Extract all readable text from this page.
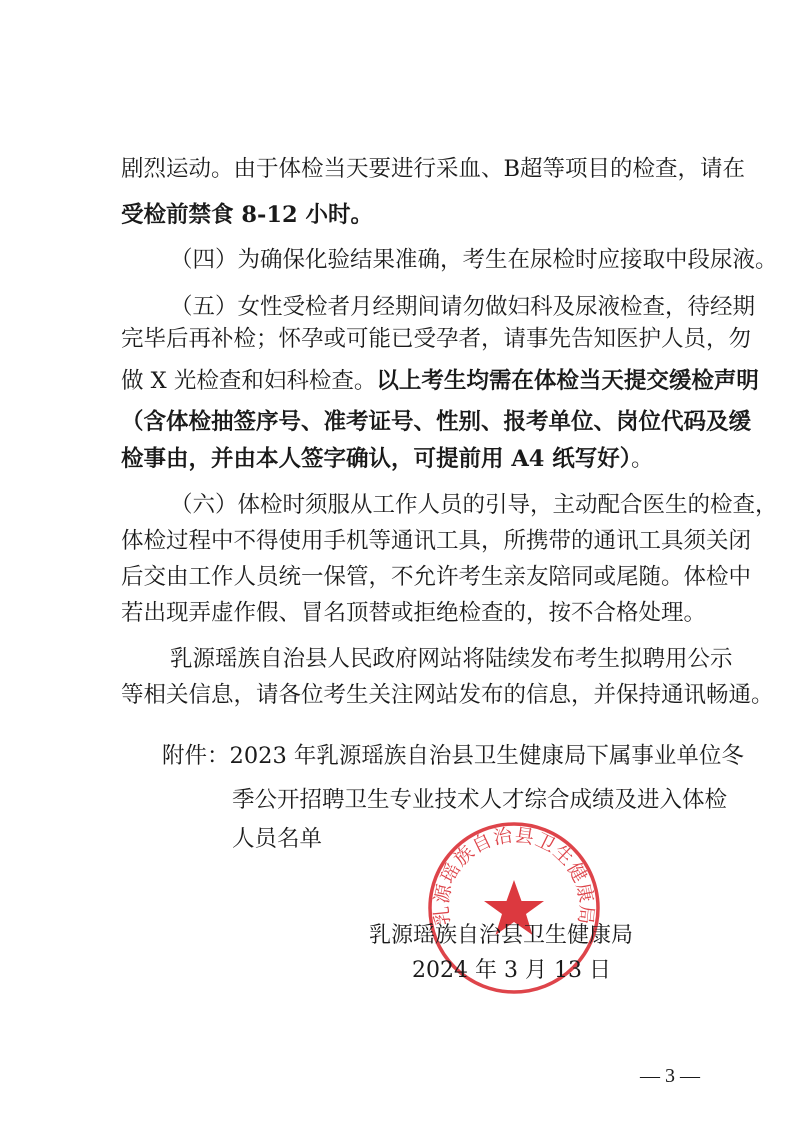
剧烈运动。由于体检当天要进行采血、B超等项目的检查，请在
受检前禁食 8-12 小时。
（四）为确保化验结果准确，考生在尿检时应接取中段尿液。
（五）女性受检者月经期间请勿做妇科及尿液检查，待经期
完毕后再补检；怀孕或可能已受孕者，请事先告知医护人员，勿
做 X 光检查和妇科检查。以上考生均需在体检当天提交缓检声明
（含体检抽签序号、准考证号、性别、报考单位、岗位代码及缓
检事由，并由本人签字确认，可提前用 A4 纸写好）。
（六）体检时须服从工作人员的引导，主动配合医生的检查，
体检过程中不得使用手机等通讯工具，所携带的通讯工具须关闭
后交由工作人员统一保管，不允许考生亲友陪同或尾随。体检中
若出现弄虚作假、冒名顶替或拒绝检查的，按不合格处理。
乳源瑶族自治县人民政府网站将陆续发布考生拟聘用公示
等相关信息，请各位考生关注网站发布的信息，并保持通讯畅通。
附件：2023 年乳源瑶族自治县卫生健康局下属事业单位冬
季公开招聘卫生专业技术人才综合成绩及进入体检
人员名单
乳源瑶族自治县卫生健康局
乳源瑶族自治县卫生健康局
2024 年 3 月 13 日
— 3 —
